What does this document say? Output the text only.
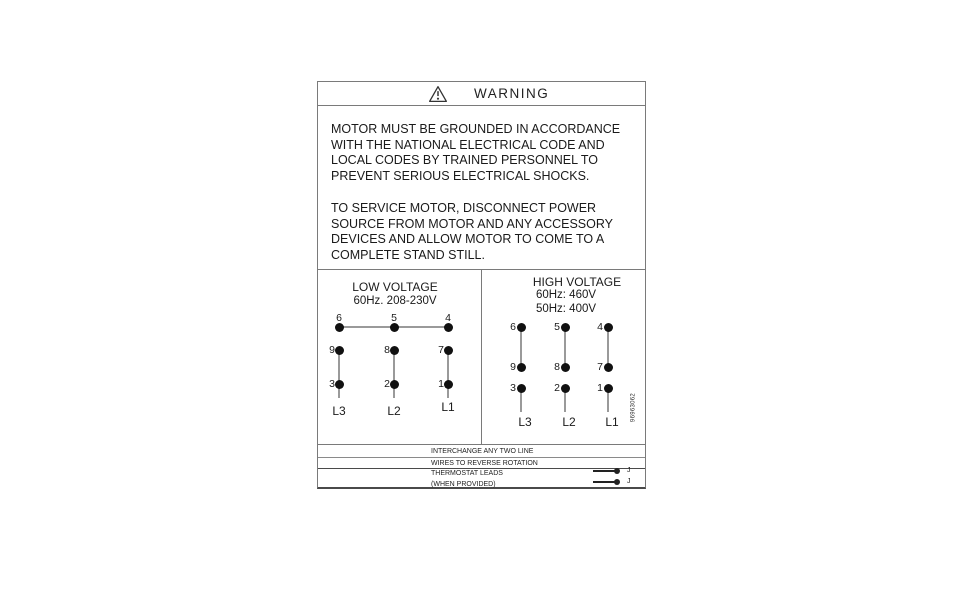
WARNING
MOTOR MUST BE GROUNDED IN ACCORDANCE
WITH THE NATIONAL ELECTRICAL CODE AND
LOCAL CODES BY TRAINED PERSONNEL TO
PREVENT SERIOUS ELECTRICAL SHOCKS.
TO SERVICE MOTOR, DISCONNECT POWER
SOURCE FROM MOTOR AND ANY ACCESSORY
DEVICES AND ALLOW MOTOR TO COME TO A
COMPLETE STAND STILL.
LOW VOLTAGE
60Hz. 208-230V
6	5	4
9	8	7
3	2	1
L3	L2	L1
HIGH VOLTAGE
60Hz: 460V
50Hz: 400V
6	5	4
9	8	7
3	2	1
L3	L2	L1	96963062
INTERCHANGE ANY TWO LINE
WIRES TO REVERSE ROTATION
THERMOSTAT LEADS
(WHEN PROVIDED)
J
J
